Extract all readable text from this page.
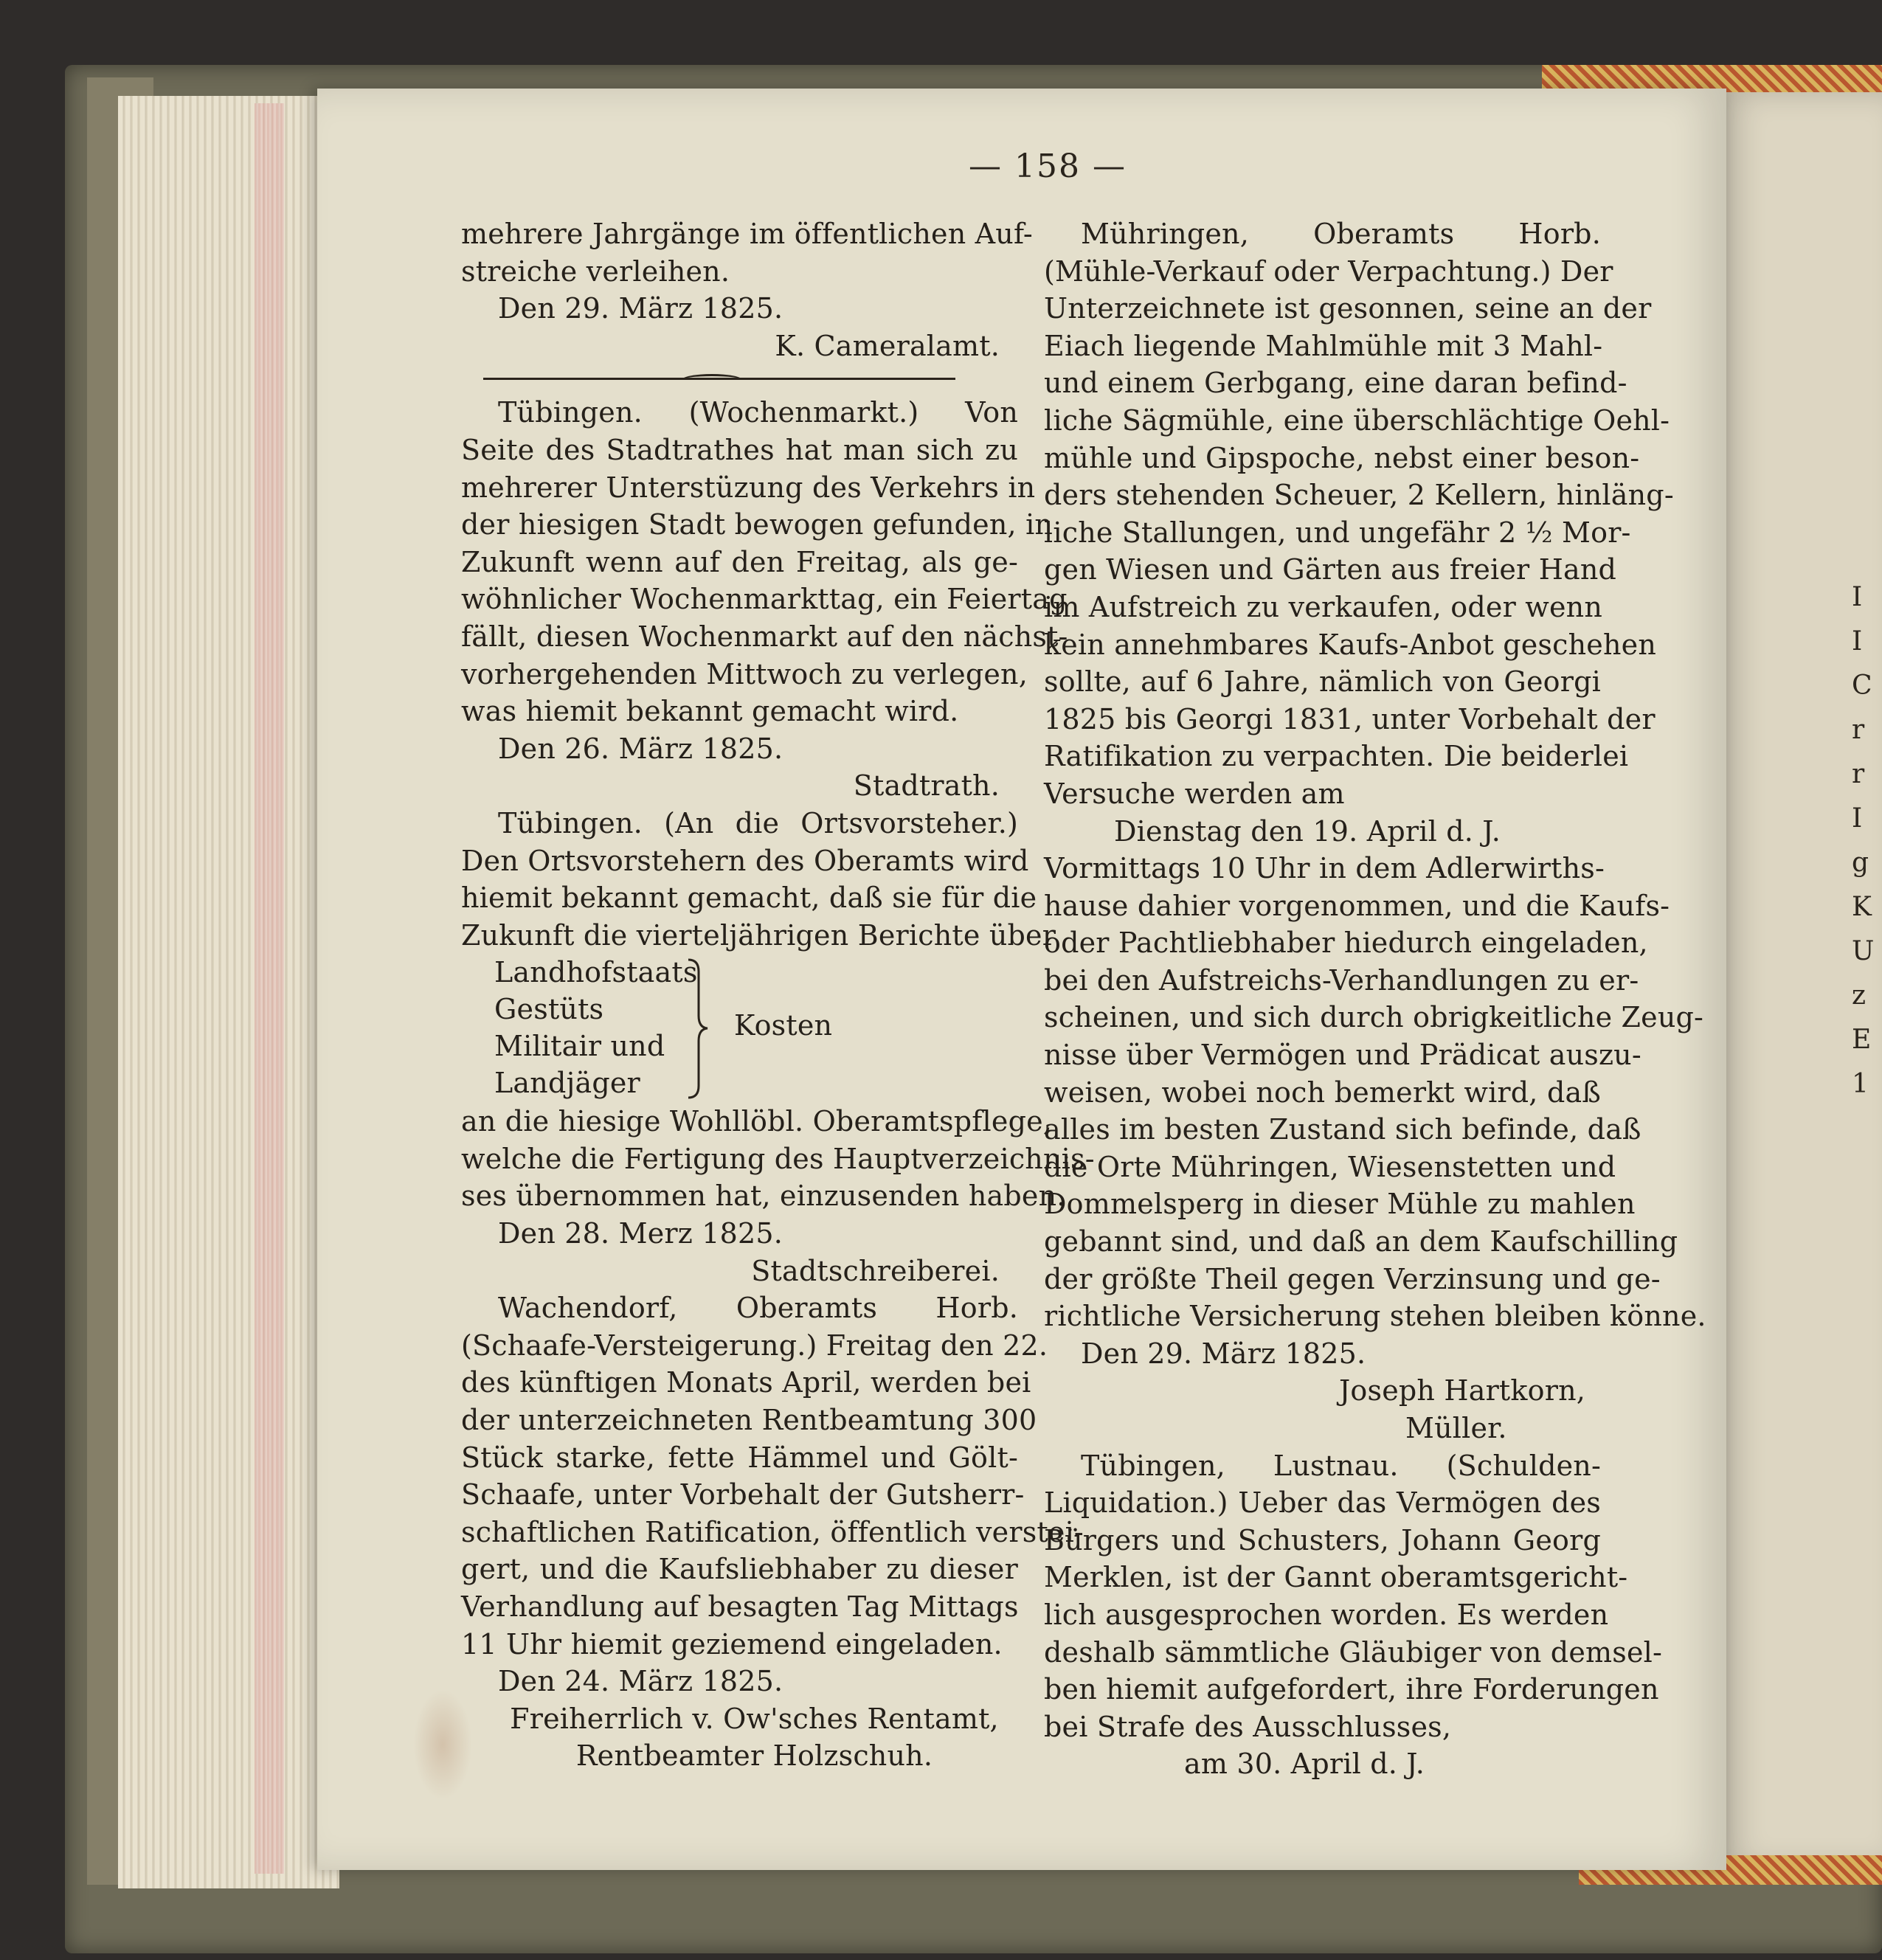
I
I
C
r
r
I
g
K
U
z
E
1
— 158 —
mehrere Jahrgänge im öffentlichen Auf-
streiche verleihen.
Den 29. März 1825.
K. Cameralamt.
Tübingen. (Wochenmarkt.) Von
Seite des Stadtrathes hat man sich zu
mehrerer Unterstüzung des Verkehrs in
der hiesigen Stadt bewogen gefunden, in
Zukunft wenn auf den Freitag, als ge-
wöhnlicher Wochenmarkttag, ein Feiertag
fällt, diesen Wochenmarkt auf den nächst-
vorhergehenden Mittwoch zu verlegen,
was hiemit bekannt gemacht wird.
Den 26. März 1825.
Stadtrath.
Tübingen. (An die Ortsvorsteher.)
Den Ortsvorstehern des Oberamts wird
hiemit bekannt gemacht, daß sie für die
Zukunft die vierteljährigen Berichte über
Landhofstaats
Gestüts
Militair und
Landjäger
Kosten
an die hiesige Wohllöbl. Oberamtspflege,
welche die Fertigung des Hauptverzeichnis-
ses übernommen hat, einzusenden haben.
Den 28. Merz 1825.
Stadtschreiberei.
Wachendorf, Oberamts Horb.
(Schaafe-Versteigerung.) Freitag den 22.
des künftigen Monats April, werden bei
der unterzeichneten Rentbeamtung 300
Stück starke, fette Hämmel und Gölt-
Schaafe, unter Vorbehalt der Gutsherr-
schaftlichen Ratification, öffentlich verstei-
gert, und die Kaufsliebhaber zu dieser
Verhandlung auf besagten Tag Mittags
11 Uhr hiemit geziemend eingeladen.
Den 24. März 1825.
Freiherrlich v. Ow'sches Rentamt,
Rentbeamter Holzschuh.
Mühringen, Oberamts Horb.
(Mühle-Verkauf oder Verpachtung.) Der
Unterzeichnete ist gesonnen, seine an der
Eiach liegende Mahlmühle mit 3 Mahl-
und einem Gerbgang, eine daran befind-
liche Sägmühle, eine überschlächtige Oehl-
mühle und Gipspoche, nebst einer beson-
ders stehenden Scheuer, 2 Kellern, hinläng-
liche Stallungen, und ungefähr 2 ½ Mor-
gen Wiesen und Gärten aus freier Hand
im Aufstreich zu verkaufen, oder wenn
kein annehmbares Kaufs-Anbot geschehen
sollte, auf 6 Jahre, nämlich von Georgi
1825 bis Georgi 1831, unter Vorbehalt der
Ratifikation zu verpachten. Die beiderlei
Versuche werden am
Dienstag den 19. April d. J.
Vormittags 10 Uhr in dem Adlerwirths-
hause dahier vorgenommen, und die Kaufs-
oder Pachtliebhaber hiedurch eingeladen,
bei den Aufstreichs-Verhandlungen zu er-
scheinen, und sich durch obrigkeitliche Zeug-
nisse über Vermögen und Prädicat auszu-
weisen, wobei noch bemerkt wird, daß
alles im besten Zustand sich befinde, daß
die Orte Mühringen, Wiesenstetten und
Dommelsperg in dieser Mühle zu mahlen
gebannt sind, und daß an dem Kaufschilling
der größte Theil gegen Verzinsung und ge-
richtliche Versicherung stehen bleiben könne.
Den 29. März 1825.
Joseph Hartkorn,
Müller.
Tübingen, Lustnau. (Schulden-
Liquidation.) Ueber das Vermögen des
Bürgers und Schusters, Johann Georg
Merklen, ist der Gannt oberamtsgericht-
lich ausgesprochen worden. Es werden
deshalb sämmtliche Gläubiger von demsel-
ben hiemit aufgefordert, ihre Forderungen
bei Strafe des Ausschlusses,
am 30. April d. J.
